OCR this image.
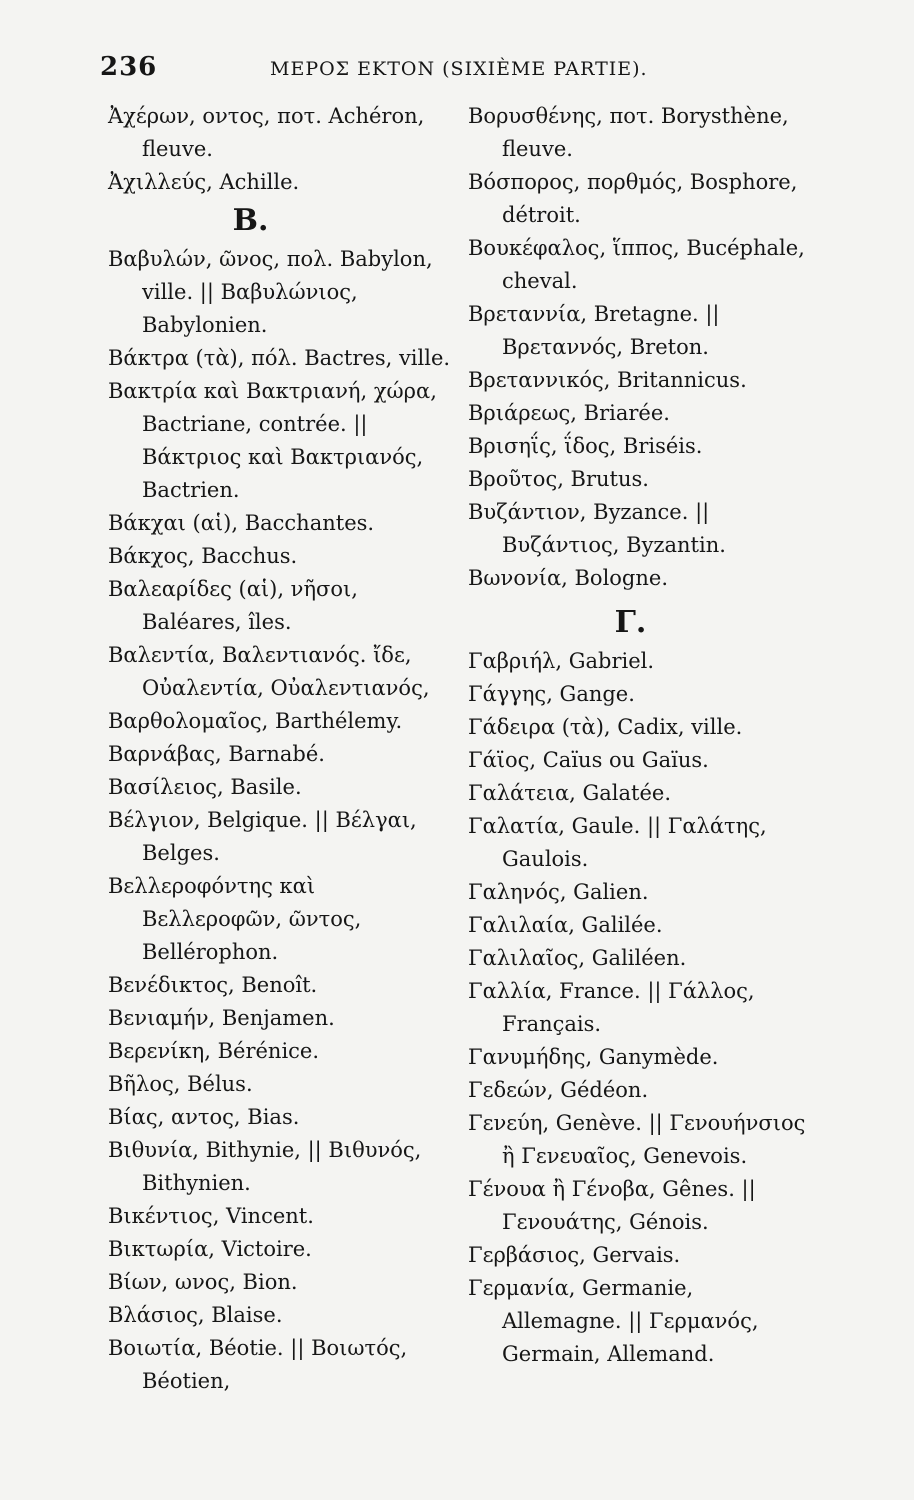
236	ΜΕΡΟΣ ΕΚΤΟΝ (SIXIÈME PARTIE).
Ἀχέρων, οντος, ποτ. Achéron, fleuve.
Ἀχιλλεύς, Achille.
B.
Βαβυλών, ῶνος, πολ. Babylon, ville. || Βαβυλώνιος, Babylonien.
Βάκτρα (τὰ), πόλ. Bactres, ville.
Βακτρία καὶ Βακτριανή, χώρα, Bactriane, contrée. || Βάκτριος καὶ Βακτριανός, Bactrien.
Βάκχαι (αἱ), Bacchantes.
Βάκχος, Bacchus.
Βαλεαρίδες (αἱ), νῆσοι, Baléares, îles.
Βαλεντία, Βαλεντιανός. ἴδε, Οὐαλεντία, Οὐαλεντιανός,
Βαρθολομαῖος, Barthélemy.
Βαρνάβας, Barnabé.
Βασίλειος, Basile.
Βέλγιον, Belgique. || Βέλγαι, Belges.
Βελλεροφόντης καὶ Βελλεροφῶν, ῶντος, Bellérophon.
Βενέδικτος, Benoît.
Βενιαμήν, Benjamen.
Βερενίκη, Bérénice.
Βῆλος, Bélus.
Βίας, αντος, Bias.
Βιθυνία, Bithynie, || Βιθυνός, Bithynien.
Βικέντιος, Vincent.
Βικτωρία, Victoire.
Βίων, ωνος, Bion.
Βλάσιος, Blaise.
Βοιωτία, Béotie. || Βοιωτός, Béotien,
Βορυσθένης, ποτ. Borysthène, fleuve.
Βόσπορος, πορθμός, Bosphore, détroit.
Βουκέφαλος, ἵππος, Bucéphale, cheval.
Βρεταννία, Bretagne. || Βρεταννός, Breton.
Βρεταννικός, Britannicus.
Βριάρεως, Briarée.
Βρισηΐς, ΐδος, Briséis.
Βροῦτος, Brutus.
Βυζάντιον, Byzance. || Βυζάντιος, Byzantin.
Βωνονία, Bologne.
Γ.
Γαβριήλ, Gabriel.
Γάγγης, Gange.
Γάδειρα (τὰ), Cadix, ville.
Γάϊος, Caïus ou Gaïus.
Γαλάτεια, Galatée.
Γαλατία, Gaule. || Γαλάτης, Gaulois.
Γαληνός, Galien.
Γαλιλαία, Galilée.
Γαλιλαῖος, Galiléen.
Γαλλία, France. || Γάλλος, Français.
Γανυμήδης, Ganymède.
Γεδεών, Gédéon.
Γενεύη, Genève. || Γενουήνσιος ἢ Γενευαῖος, Genevois.
Γένουα ἢ Γένοβα, Gênes. || Γενουάτης, Génois.
Γερβάσιος, Gervais.
Γερμανία, Germanie, Allemagne. || Γερμανός, Germain, Allemand.
